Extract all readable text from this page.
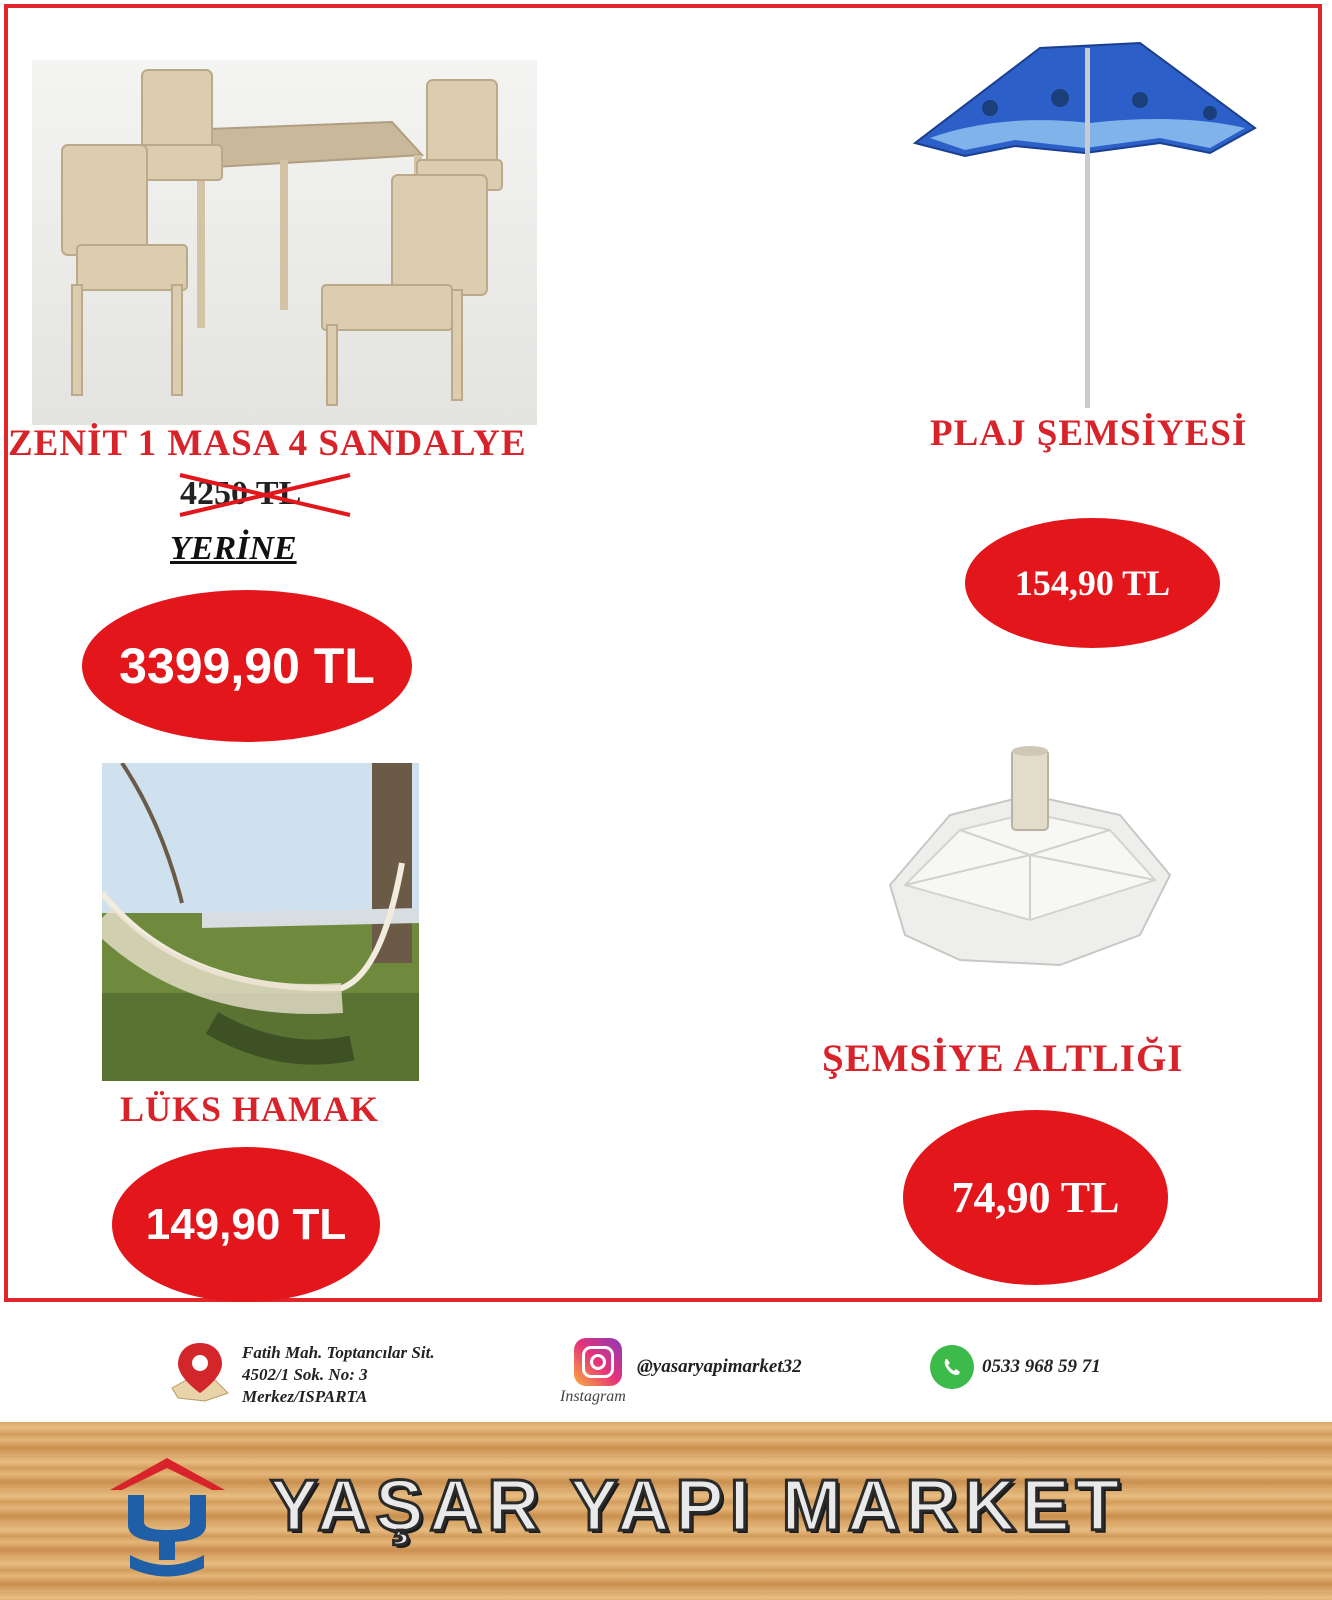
ZENİT 1 MASA 4 SANDALYE
4250 TL
YERİNE
3399,90 TL
PLAJ ŞEMSİYESİ
154,90 TL
LÜKS HAMAK
149,90 TL
ŞEMSİYE ALTLIĞI
74,90 TL
Fatih Mah. Toptancılar Sit.
4502/1 Sok. No: 3
Merkez/ISPARTA	Instagram
@yasaryapimarket32	0533 968 59 71
YAŞAR YAPI MARKET
